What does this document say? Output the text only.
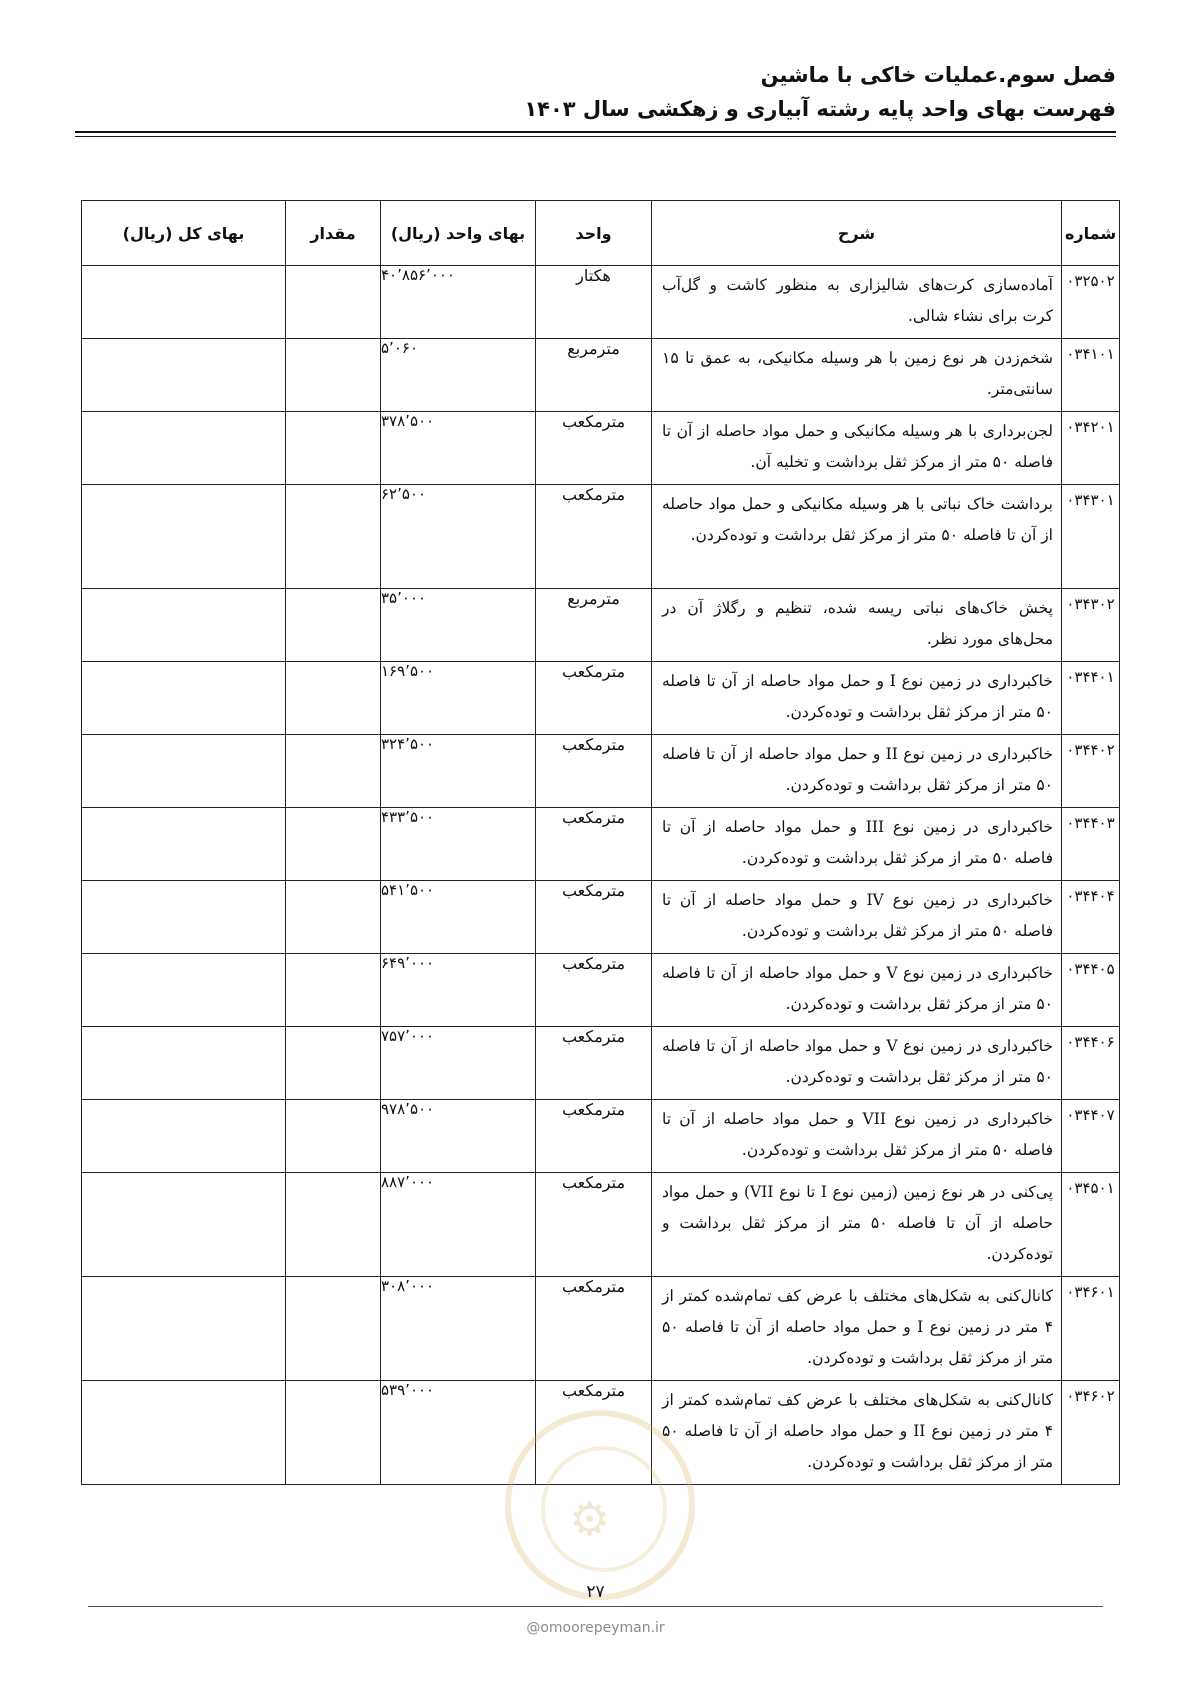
فصل سوم.عملیات خاکی با ماشین
فهرست بهای واحد پایه رشته آبیاری و زهکشی سال ۱۴۰۳
شماره	شرح	واحد	بهای واحد (ریال)	مقدار	بهای کل (ریال)
۰۳۲۵۰۲	آماده‌سازی کرت‌های شالیزاری به منظور کاشت و گل‌آب کرت برای نشاء شالی.	هکتار	۴۰٬۸۵۶٬۰۰۰		
۰۳۴۱۰۱	شخم‌زدن هر نوع زمین با هر وسیله مکانیکی، به عمق تا ۱۵ سانتی‌متر.	مترمربع	۵٬۰۶۰		
۰۳۴۲۰۱	لجن‌برداری با هر وسیله مکانیکی و حمل مواد حاصله از آن تا فاصله ۵۰ متر از مرکز ثقل برداشت و تخلیه آن.	مترمکعب	۳۷۸٬۵۰۰		
۰۳۴۳۰۱	برداشت خاک نباتی با هر وسیله مکانیکی و حمل مواد حاصله از آن تا فاصله ۵۰ متر از مرکز ثقل برداشت و توده‌کردن.	مترمکعب	۶۲٬۵۰۰		
۰۳۴۳۰۲	پخش خاک‌های نباتی ریسه شده، تنظیم و رگلاژ آن در محل‌های مورد نظر.	مترمربع	۳۵٬۰۰۰		
۰۳۴۴۰۱	خاکبرداری در زمین نوع I و حمل مواد حاصله از آن تا فاصله ۵۰ متر از مرکز ثقل برداشت و توده‌کردن.	مترمکعب	۱۶۹٬۵۰۰		
۰۳۴۴۰۲	خاکبرداری در زمین نوع II و حمل مواد حاصله از آن تا فاصله ۵۰ متر از مرکز ثقل برداشت و توده‌کردن.	مترمکعب	۳۲۴٬۵۰۰		
۰۳۴۴۰۳	خاکبرداری در زمین نوع III و حمل مواد حاصله از آن تا فاصله ۵۰ متر از مرکز ثقل برداشت و توده‌کردن.	مترمکعب	۴۳۳٬۵۰۰		
۰۳۴۴۰۴	خاکبرداری در زمین نوع IV و حمل مواد حاصله از آن تا فاصله ۵۰ متر از مرکز ثقل برداشت و توده‌کردن.	مترمکعب	۵۴۱٬۵۰۰		
۰۳۴۴۰۵	خاکبرداری در زمین نوع V و حمل مواد حاصله از آن تا فاصله ۵۰ متر از مرکز ثقل برداشت و توده‌کردن.	مترمکعب	۶۴۹٬۰۰۰		
۰۳۴۴۰۶	خاکبرداری در زمین نوع V و حمل مواد حاصله از آن تا فاصله ۵۰ متر از مرکز ثقل برداشت و توده‌کردن.	مترمکعب	۷۵۷٬۰۰۰		
۰۳۴۴۰۷	خاکبرداری در زمین نوع VII و حمل مواد حاصله از آن تا فاصله ۵۰ متر از مرکز ثقل برداشت و توده‌کردن.	مترمکعب	۹۷۸٬۵۰۰		
۰۳۴۵۰۱	پی‌کنی در هر نوع زمین (زمین نوع I تا نوع VII) و حمل مواد حاصله از آن تا فاصله ۵۰ متر از مرکز ثقل برداشت و توده‌کردن.	مترمکعب	۸۸۷٬۰۰۰		
۰۳۴۶۰۱	کانال‌کنی به شکل‌های مختلف با عرض کف تمام‌شده کمتر از ۴ متر در زمین نوع I و حمل مواد حاصله از آن تا فاصله ۵۰ متر از مرکز ثقل برداشت و توده‌کردن.	مترمکعب	۳۰۸٬۰۰۰		
۰۳۴۶۰۲	کانال‌کنی به شکل‌های مختلف با عرض کف تمام‌شده کمتر از ۴ متر در زمین نوع II و حمل مواد حاصله از آن تا فاصله ۵۰ متر از مرکز ثقل برداشت و توده‌کردن.	مترمکعب	۵۳۹٬۰۰۰		
⚙
۲۷
@omoorepeyman.ir
